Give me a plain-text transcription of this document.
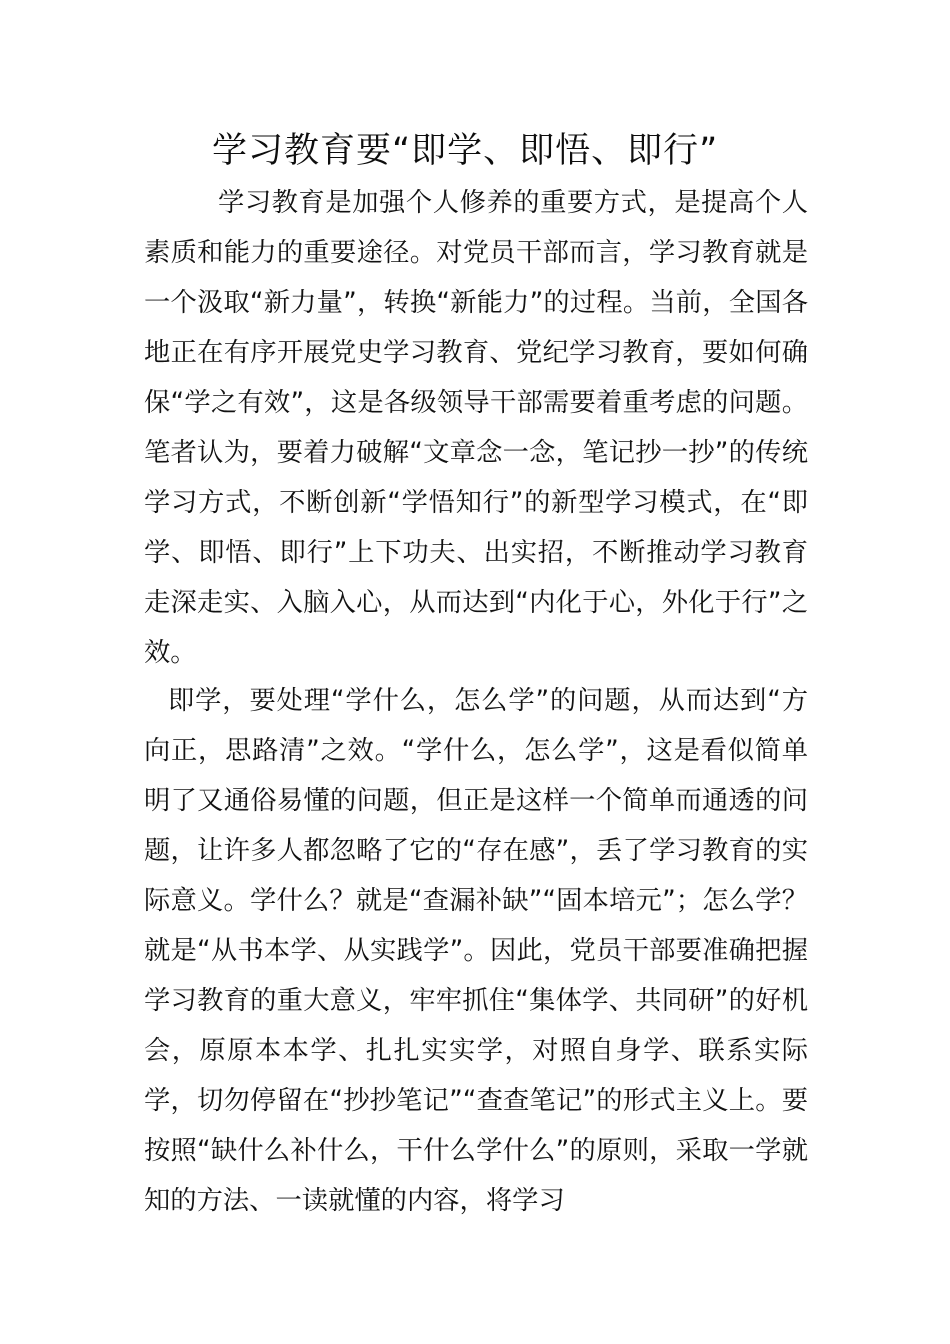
学习教育要“即学、即悟、即行”

学习教育是加强个人修养的重要方式，是提高个人素质和能力的重要途径。对党员干部而言，学习教育就是一个汲取“新力量”，转换“新能力”的过程。当前，全国各地正在有序开展党史学习教育、党纪学习教育，要如何确保“学之有效”，这是各级领导干部需要着重考虑的问题。笔者认为，要着力破解“文章念一念，笔记抄一抄”的传统学习方式，不断创新“学悟知行”的新型学习模式，在“即学、即悟、即行”上下功夫、出实招，不断推动学习教育走深走实、入脑入心，从而达到“内化于心，外化于行”之效。

即学，要处理“学什么，怎么学”的问题，从而达到“方向正，思路清”之效。“学什么，怎么学”，这是看似简单明了又通俗易懂的问题，但正是这样一个简单而通透的问题，让许多人都忽略了它的“存在感”，丢了学习教育的实际意义。学什么？就是“查漏补缺”“固本培元”；怎么学？就是“从书本学、从实践学”。因此，党员干部要准确把握学习教育的重大意义，牢牢抓住“集体学、共同研”的好机会，原原本本学、扎扎实实学，对照自身学、联系实际学，切勿停留在“抄抄笔记”“查查笔记”的形式主义上。要按照“缺什么补什么，干什么学什么”的原则，采取一学就知的方法、一读就懂的内容，将学习
